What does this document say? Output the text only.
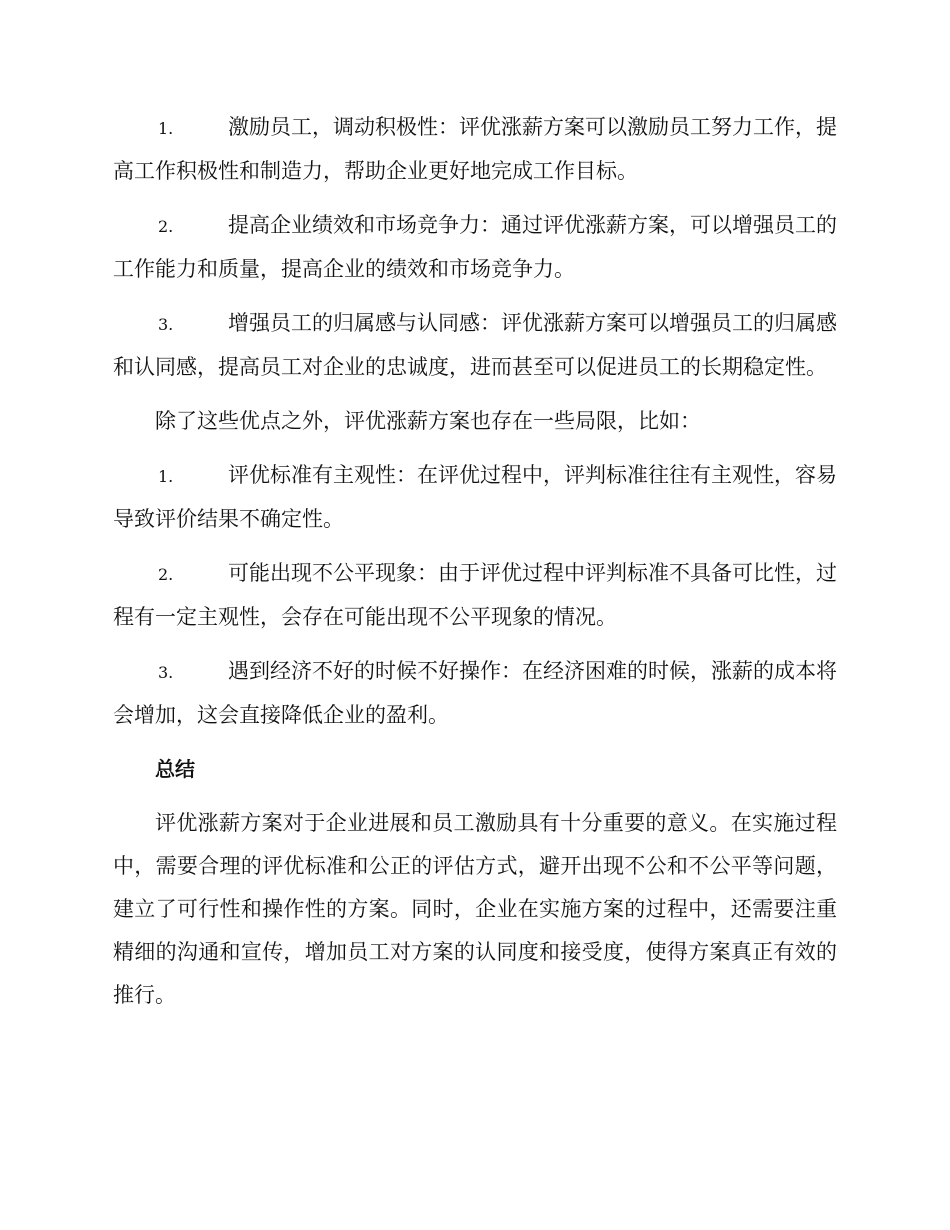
1.	激励员工，调动积极性：评优涨薪方案可以激励员工努力工作，提高工作积极性和制造力，帮助企业更好地完成工作目标。

2.	提高企业绩效和市场竞争力：通过评优涨薪方案，可以增强员工的工作能力和质量，提高企业的绩效和市场竞争力。

3.	增强员工的归属感与认同感：评优涨薪方案可以增强员工的归属感和认同感，提高员工对企业的忠诚度，进而甚至可以促进员工的长期稳定性。

除了这些优点之外，评优涨薪方案也存在一些局限，比如：

1.	评优标准有主观性：在评优过程中，评判标准往往有主观性，容易导致评价结果不确定性。

2.	可能出现不公平现象：由于评优过程中评判标准不具备可比性，过程有一定主观性，会存在可能出现不公平现象的情况。

3.	遇到经济不好的时候不好操作：在经济困难的时候，涨薪的成本将会增加，这会直接降低企业的盈利。

总结

评优涨薪方案对于企业进展和员工激励具有十分重要的意义。在实施过程中，需要合理的评优标准和公正的评估方式，避开出现不公和不公平等问题，建立了可行性和操作性的方案。同时，企业在实施方案的过程中，还需要注重精细的沟通和宣传，增加员工对方案的认同度和接受度，使得方案真正有效的推行。
